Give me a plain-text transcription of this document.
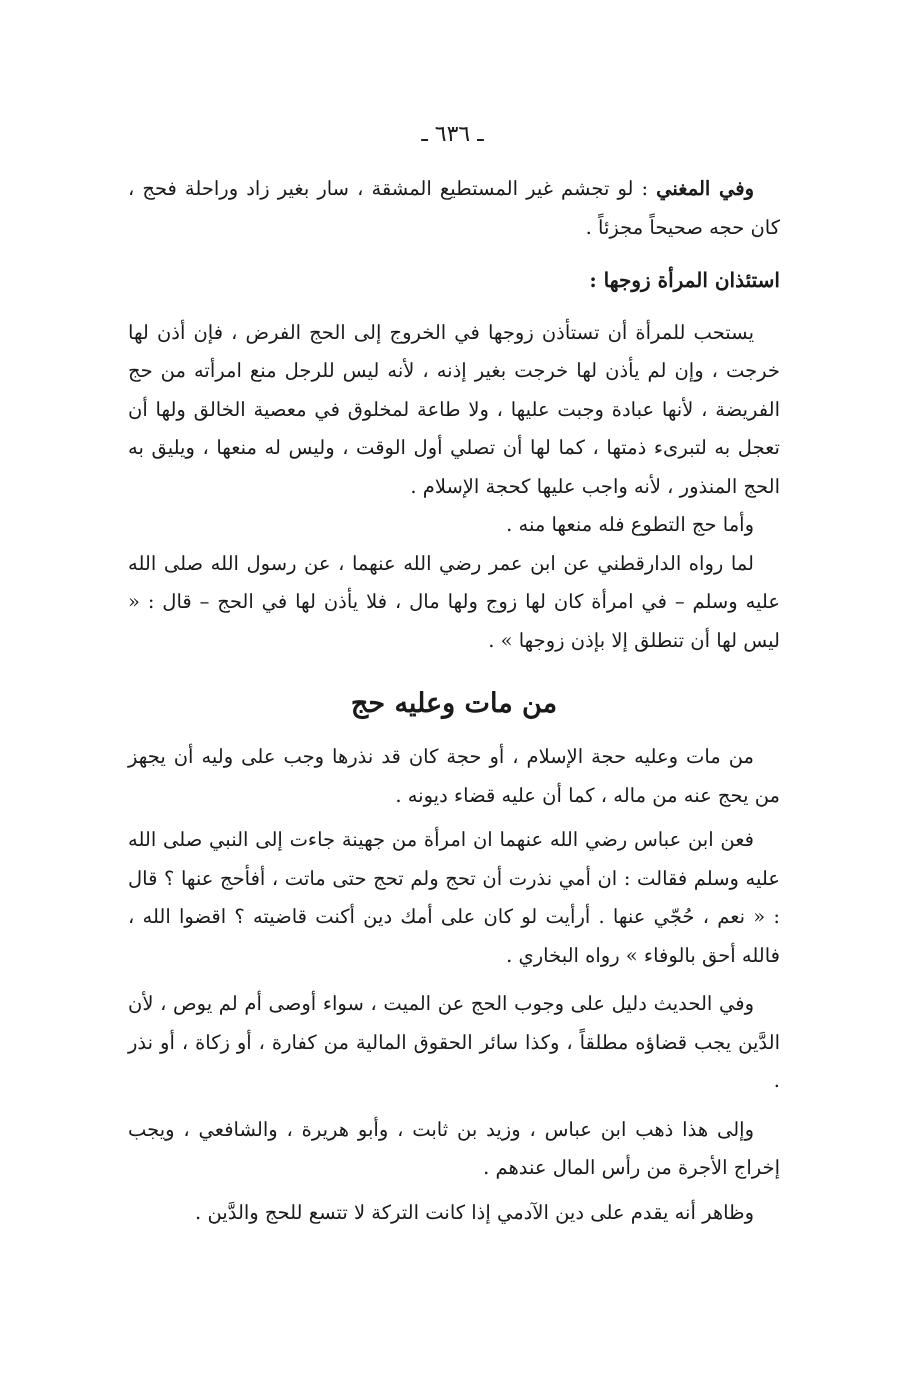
ـ ٦٣٦ ـ

وفي المغني : لو تجشم غير المستطيع المشقة ، سار بغير زاد وراحلة فحج ، كان حجه صحيحاً مجزئاً .

استئذان المرأة زوجها :

يستحب للمرأة أن تستأذن زوجها في الخروج إلى الحج الفرض ، فإن أذن لها خرجت ، وإن لم يأذن لها خرجت بغير إذنه ، لأنه ليس للرجل منع امرأته من حج الفريضة ، لأنها عبادة وجبت عليها ، ولا طاعة لمخلوق في معصية الخالق ولها أن تعجل به لتبرىء ذمتها ، كما لها أن تصلي أول الوقت ، وليس له منعها ، ويليق به الحج المنذور ، لأنه واجب عليها كحجة الإسلام .

وأما حج التطوع فله منعها منه .

لما رواه الدارقطني عن ابن عمر رضي الله عنهما ، عن رسول الله صلى الله عليه وسلم – في امرأة كان لها زوج ولها مال ، فلا يأذن لها في الحج – قال : « ليس لها أن تنطلق إلا بإذن زوجها » .

من مات وعليه حج

من مات وعليه حجة الإسلام ، أو حجة كان قد نذرها وجب على وليه أن يجهز من يحج عنه من ماله ، كما أن عليه قضاء ديونه .

فعن ابن عباس رضي الله عنهما ان امرأة من جهينة جاءت إلى النبي صلى الله عليه وسلم فقالت : ان أمي نذرت أن تحج ولم تحج حتى ماتت ، أفأحج عنها ؟ قال : « نعم ، حُجّي عنها . أرأيت لو كان على أمك دين أكنت قاضيته ؟ اقضوا الله ، فالله أحق بالوفاء » رواه البخاري .

وفي الحديث دليل على وجوب الحج عن الميت ، سواء أوصى أم لم يوص ، لأن الدَّين يجب قضاؤه مطلقاً ، وكذا سائر الحقوق المالية من كفارة ، أو زكاة ، أو نذر .

وإلى هذا ذهب ابن عباس ، وزيد بن ثابت ، وأبو هريرة ، والشافعي ، ويجب إخراج الأجرة من رأس المال عندهم .

وظاهر أنه يقدم على دين الآدمي إذا كانت التركة لا تتسع للحج والدَّين .
